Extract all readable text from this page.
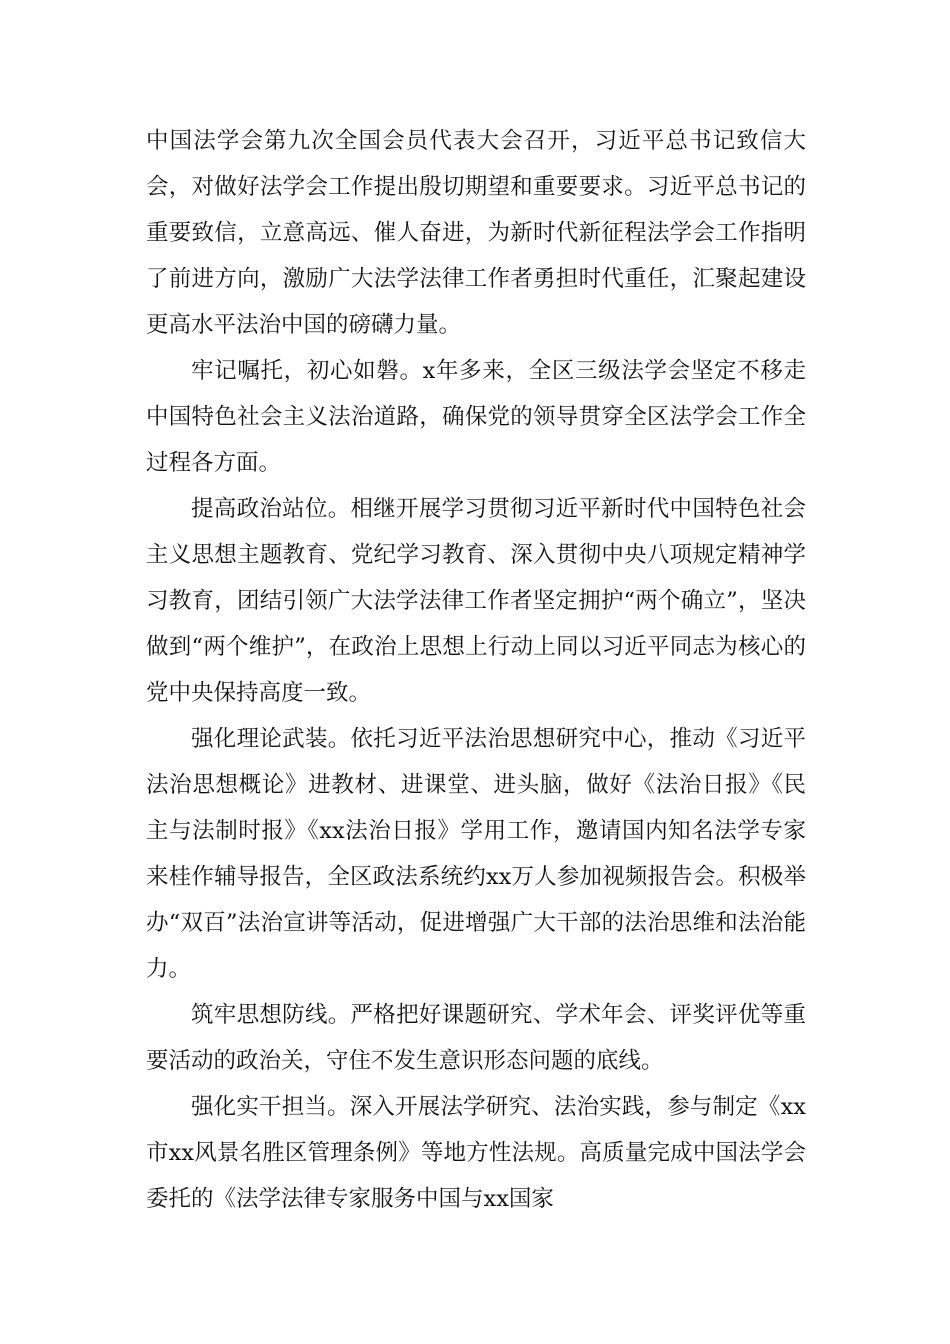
中国法学会第九次全国会员代表大会召开，习近平总书记致信大会，对做好法学会工作提出殷切期望和重要要求。习近平总书记的重要致信，立意高远、催人奋进，为新时代新征程法学会工作指明了前进方向，激励广大法学法律工作者勇担时代重任，汇聚起建设更高水平法治中国的磅礴力量。

牢记嘱托，初心如磐。x年多来，全区三级法学会坚定不移走中国特色社会主义法治道路，确保党的领导贯穿全区法学会工作全过程各方面。

提高政治站位。相继开展学习贯彻习近平新时代中国特色社会主义思想主题教育、党纪学习教育、深入贯彻中央八项规定精神学习教育，团结引领广大法学法律工作者坚定拥护“两个确立”，坚决做到“两个维护”，在政治上思想上行动上同以习近平同志为核心的党中央保持高度一致。

强化理论武装。依托习近平法治思想研究中心，推动《习近平法治思想概论》进教材、进课堂、进头脑，做好《法治日报》《民主与法制时报》《xx法治日报》学用工作，邀请国内知名法学专家来桂作辅导报告，全区政法系统约xx万人参加视频报告会。积极举办“双百”法治宣讲等活动，促进增强广大干部的法治思维和法治能力。

筑牢思想防线。严格把好课题研究、学术年会、评奖评优等重要活动的政治关，守住不发生意识形态问题的底线。

强化实干担当。深入开展法学研究、法治实践，参与制定《xx市xx风景名胜区管理条例》等地方性法规。高质量完成中国法学会委托的《法学法律专家服务中国与xx国家
